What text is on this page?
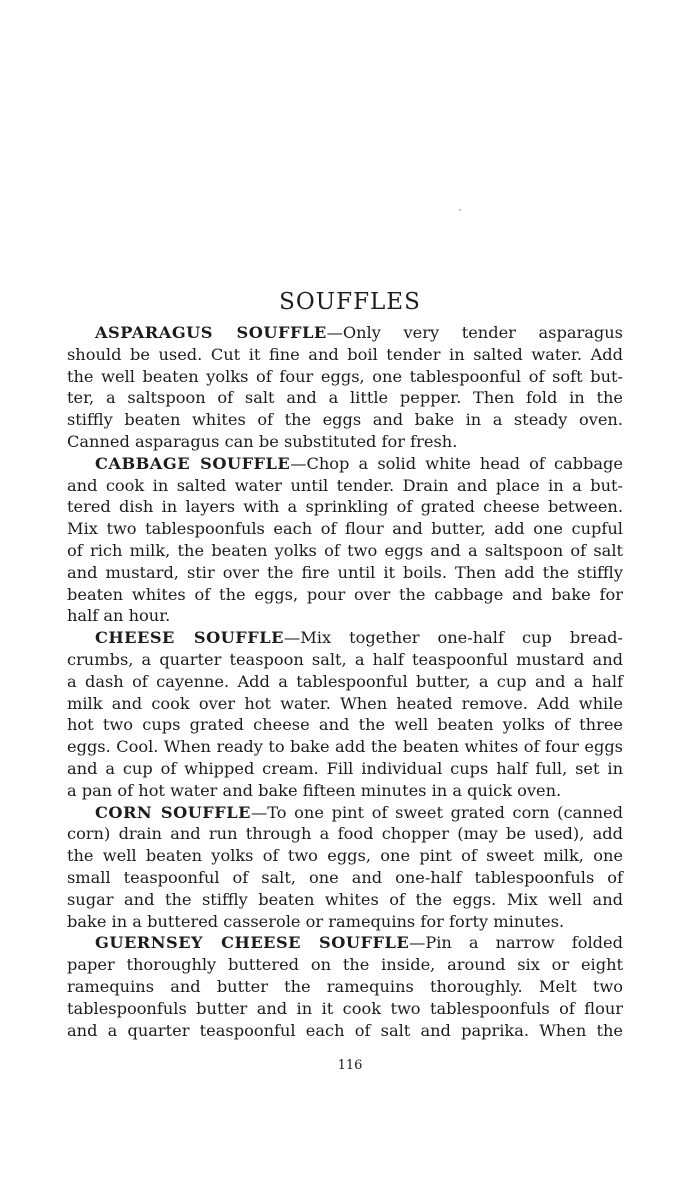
SOUFFLES
ASPARAGUS SOUFFLE—Only very tender asparagus
should be used. Cut it fine and boil tender in salted water. Add
the well beaten yolks of four eggs, one tablespoonful of soft but-
ter, a saltspoon of salt and a little pepper. Then fold in the
stiffly beaten whites of the eggs and bake in a steady oven.
Canned asparagus can be substituted for fresh.
CABBAGE SOUFFLE—Chop a solid white head of cabbage
and cook in salted water until tender. Drain and place in a but-
tered dish in layers with a sprinkling of grated cheese between.
Mix two tablespoonfuls each of flour and butter, add one cupful
of rich milk, the beaten yolks of two eggs and a saltspoon of salt
and mustard, stir over the fire until it boils. Then add the stiffly
beaten whites of the eggs, pour over the cabbage and bake for
half an hour.
CHEESE SOUFFLE—Mix together one-half cup bread-
crumbs, a quarter teaspoon salt, a half teaspoonful mustard and
a dash of cayenne. Add a tablespoonful butter, a cup and a half
milk and cook over hot water. When heated remove. Add while
hot two cups grated cheese and the well beaten yolks of three
eggs. Cool. When ready to bake add the beaten whites of four eggs
and a cup of whipped cream. Fill individual cups half full, set in
a pan of hot water and bake fifteen minutes in a quick oven.
CORN SOUFFLE—To one pint of sweet grated corn (canned
corn) drain and run through a food chopper (may be used), add
the well beaten yolks of two eggs, one pint of sweet milk, one
small teaspoonful of salt, one and one-half tablespoonfuls of
sugar and the stiffly beaten whites of the eggs. Mix well and
bake in a buttered casserole or ramequins for forty minutes.
GUERNSEY CHEESE SOUFFLE—Pin a narrow folded
paper thoroughly buttered on the inside, around six or eight
ramequins and butter the ramequins thoroughly. Melt two
tablespoonfuls butter and in it cook two tablespoonfuls of flour
and a quarter teaspoonful each of salt and paprika. When the
116
